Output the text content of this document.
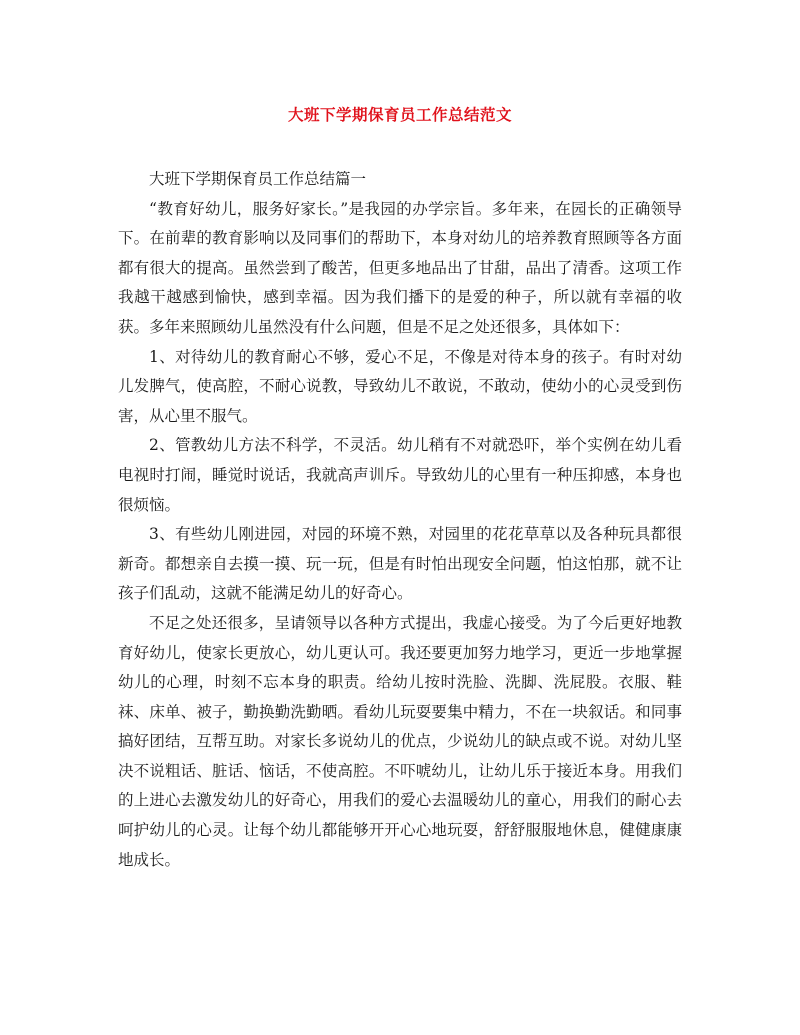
大班下学期保育员工作总结范文

大班下学期保育员工作总结篇一

“教育好幼儿，服务好家长。”是我园的办学宗旨。多年来，在园长的正确领导下。在前辈的教育影响以及同事们的帮助下，本身对幼儿的培养教育照顾等各方面都有很大的提高。虽然尝到了酸苦，但更多地品出了甘甜，品出了清香。这项工作我越干越感到愉快，感到幸福。因为我们播下的是爱的种子，所以就有幸福的收获。多年来照顾幼儿虽然没有什么问题，但是不足之处还很多，具体如下：

1、对待幼儿的教育耐心不够，爱心不足，不像是对待本身的孩子。有时对幼儿发脾气，使高腔，不耐心说教，导致幼儿不敢说，不敢动，使幼小的心灵受到伤害，从心里不服气。

2、管教幼儿方法不科学，不灵活。幼儿稍有不对就恐吓，举个实例在幼儿看电视时打闹，睡觉时说话，我就高声训斥。导致幼儿的心里有一种压抑感，本身也很烦恼。

3、有些幼儿刚进园，对园的环境不熟，对园里的花花草草以及各种玩具都很新奇。都想亲自去摸一摸、玩一玩，但是有时怕出现安全问题，怕这怕那，就不让孩子们乱动，这就不能满足幼儿的好奇心。

不足之处还很多，呈请领导以各种方式提出，我虚心接受。为了今后更好地教育好幼儿，使家长更放心，幼儿更认可。我还要更加努力地学习，更近一步地掌握幼儿的心理，时刻不忘本身的职责。给幼儿按时洗脸、洗脚、洗屁股。衣服、鞋袜、床单、被子，勤换勤洗勤晒。看幼儿玩耍要集中精力，不在一块叙话。和同事搞好团结，互帮互助。对家长多说幼儿的优点，少说幼儿的缺点或不说。对幼儿坚决不说粗话、脏话、恼话，不使高腔。不吓唬幼儿，让幼儿乐于接近本身。用我们的上进心去激发幼儿的好奇心，用我们的爱心去温暖幼儿的童心，用我们的耐心去呵护幼儿的心灵。让每个幼儿都能够开开心心地玩耍，舒舒服服地休息，健健康康地成长。
